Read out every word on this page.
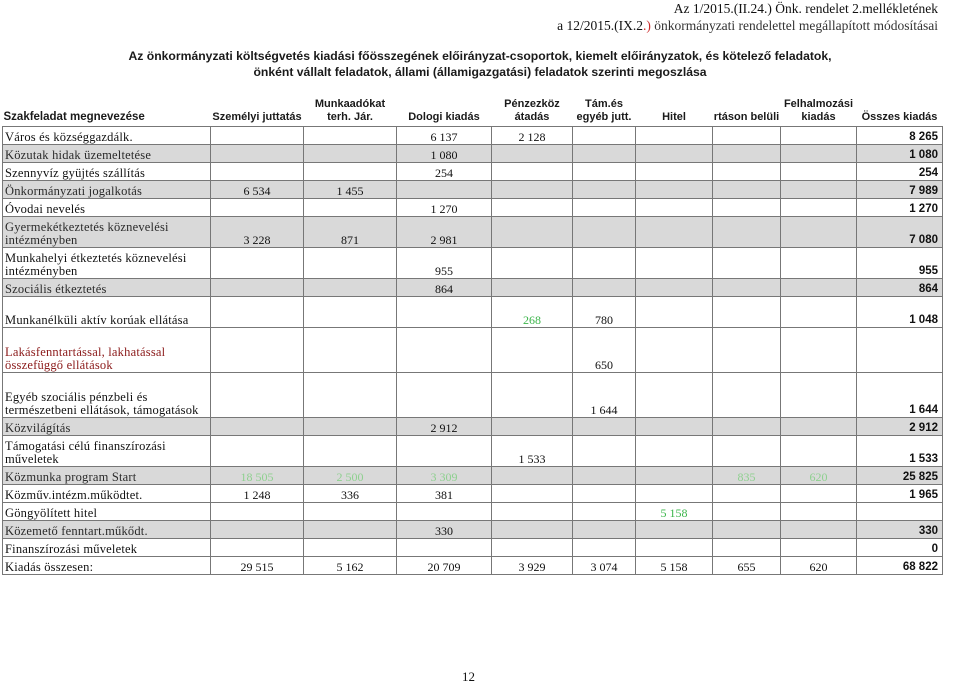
Az 1/2015.(II.24.) Önk. rendelet 2.mellékletének
a 12/2015.(IX.2.) önkormányzati rendelettel megállapított módosításai
Az önkormányzati költségvetés kiadási főösszegének előirányzat-csoportok, kiemelt előirányzatok, és kötelező feladatok,
önként vállalt feladatok, állami (államigazgatási) feladatok szerinti megoszlása
Szakfeladat megnevezése	Személyi juttatás	Munkaadókat terh. Jár.	Dologi kiadás	Pénzezköz átadás	Tám.és egyéb jutt.	Hitel	rtáson belüli	Felhalmozási kiadás	Összes kiadás
Város és községgazdálk.			6 137	2 128					8 265
Közutak hidak üzemeltetése			1 080						1 080
Szennyvíz gyüjtés szállítás			254						254
Önkormányzati jogalkotás	6 534	1 455							7 989
Óvodai nevelés			1 270						1 270
Gyermekétkeztetés köznevelési intézményben	3 228	871	2 981						7 080
Munkahelyi étkeztetés köznevelési intézményben			955						955
Szociális étkeztetés			864						864
Munkanélküli aktív korúak ellátása				268	780				1 048
Lakásfenntartással, lakhatással összefüggő ellátások					650				
Egyéb szociális pénzbeli és természetbeni ellátások, támogatások					1 644				1 644
Közvilágítás			2 912						2 912
Támogatási célú finanszírozási műveletek				1 533					1 533
Közmunka program Start	18 505	2 500	3 309				835	620	25 825
Közműv.intézm.működtet.	1 248	336	381						1 965
Göngyölített hitel						5 158			
Közemető fenntart.műkődt.			330						330
Finanszírozási műveletek									0
Kiadás összesen:	29 515	5 162	20 709	3 929	3 074	5 158	655	620	68 822
12
